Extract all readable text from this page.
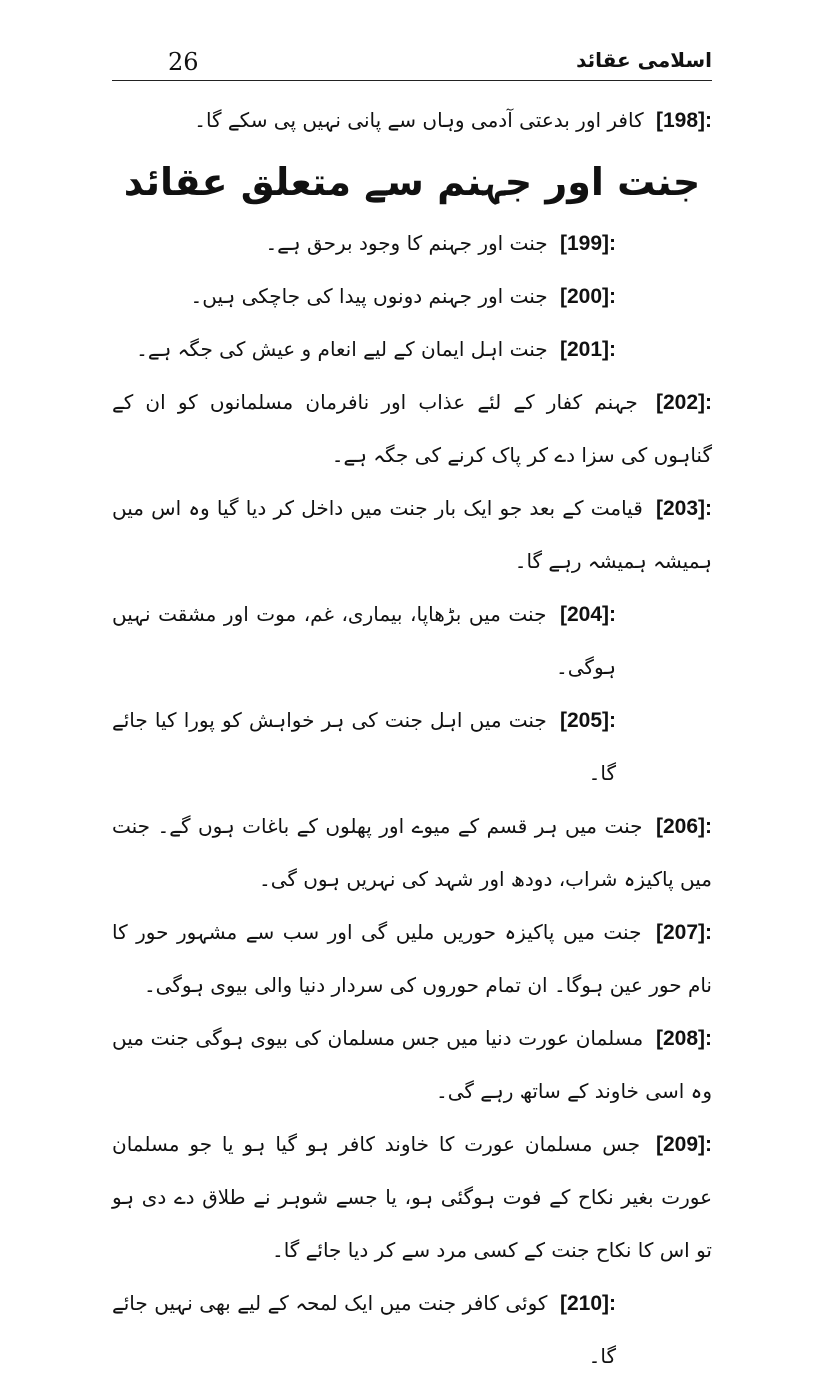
26	اسلامی عقائد

[198]: کافر اور بدعتی آدمی وہاں سے پانی نہیں پی سکے گا۔

جنت اور جہنم سے متعلق عقائد

[199]: جنت اور جہنم کا وجود برحق ہے۔

[200]: جنت اور جہنم دونوں پیدا کی جاچکی ہیں۔

[201]: جنت اہل ایمان کے لیے انعام و عیش کی جگہ ہے۔

[202]: جہنم کفار کے لئے عذاب اور نافرمان مسلمانوں کو ان کے گناہوں کی سزا دے کر پاک کرنے کی جگہ ہے۔

[203]: قیامت کے بعد جو ایک بار جنت میں داخل کر دیا گیا وہ اس میں ہمیشہ ہمیشہ رہے گا۔

[204]: جنت میں بڑھاپا، بیماری، غم، موت اور مشقت نہیں ہوگی۔

[205]: جنت میں اہل جنت کی ہر خواہش کو پورا کیا جائے گا۔

[206]: جنت میں ہر قسم کے میوے اور پھلوں کے باغات ہوں گے۔ جنت میں پاکیزہ شراب، دودھ اور شہد کی نہریں ہوں گی۔

[207]: جنت میں پاکیزہ حوریں ملیں گی اور سب سے مشہور حور کا نام حور عین ہوگا۔ ان تمام حوروں کی سردار دنیا والی بیوی ہوگی۔

[208]: مسلمان عورت دنیا میں جس مسلمان کی بیوی ہوگی جنت میں وہ اسی خاوند کے ساتھ رہے گی۔

[209]: جس مسلمان عورت کا خاوند کافر ہو گیا ہو یا جو مسلمان عورت بغیر نکاح کے فوت ہوگئی ہو، یا جسے شوہر نے طلاق دے دی ہو تو اس کا نکاح جنت کے کسی مرد سے کر دیا جائے گا۔

[210]: کوئی کافر جنت میں ایک لمحہ کے لیے بھی نہیں جائے گا۔
